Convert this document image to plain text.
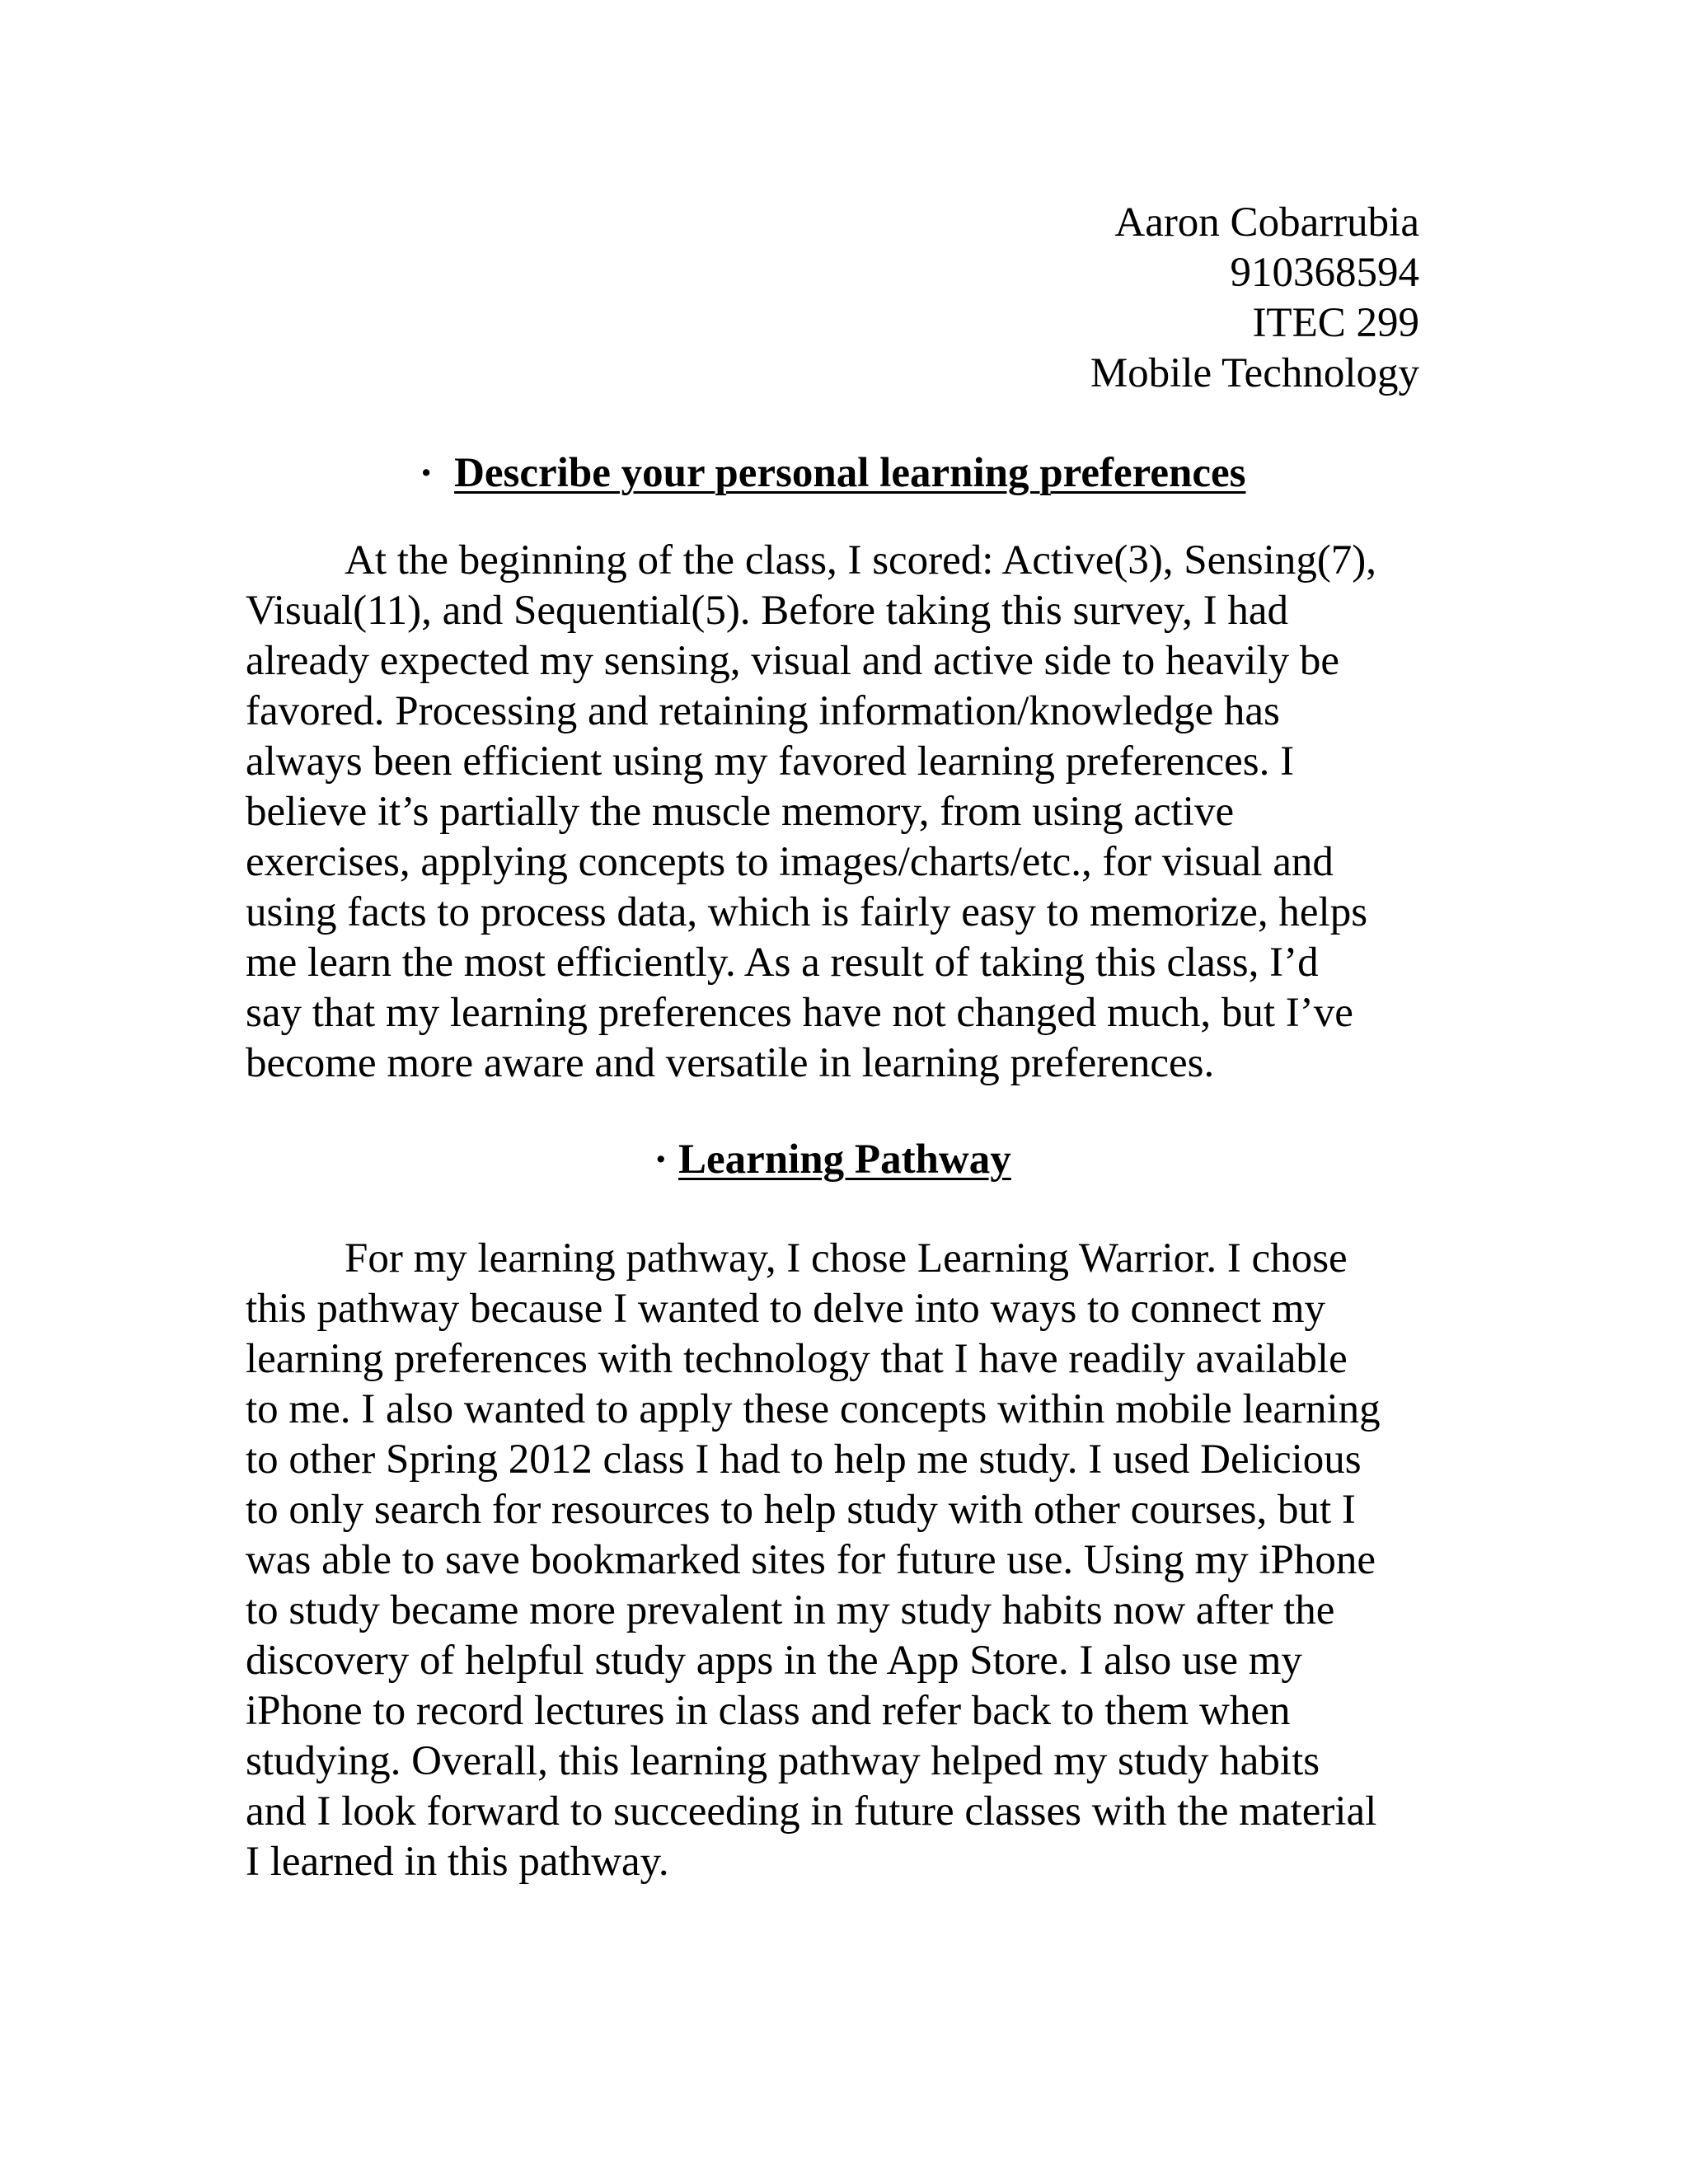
Aaron Cobarrubia
910368594
ITEC 299
Mobile Technology
· Describe your personal learning preferences
At the beginning of the class, I scored: Active(3), Sensing(7),
Visual(11), and Sequential(5). Before taking this survey, I had
already expected my sensing, visual and active side to heavily be
favored. Processing and retaining information/knowledge has
always been efficient using my favored learning preferences. I
believe it’s partially the muscle memory, from using active
exercises, applying concepts to images/charts/etc., for visual and
using facts to process data, which is fairly easy to memorize, helps
me learn the most efficiently. As a result of taking this class, I’d
say that my learning preferences have not changed much, but I’ve
become more aware and versatile in learning preferences.
· Learning Pathway
For my learning pathway, I chose Learning Warrior. I chose
this pathway because I wanted to delve into ways to connect my
learning preferences with technology that I have readily available
to me. I also wanted to apply these concepts within mobile learning
to other Spring 2012 class I had to help me study. I used Delicious
to only search for resources to help study with other courses, but I
was able to save bookmarked sites for future use. Using my iPhone
to study became more prevalent in my study habits now after the
discovery of helpful study apps in the App Store. I also use my
iPhone to record lectures in class and refer back to them when
studying. Overall, this learning pathway helped my study habits
and I look forward to succeeding in future classes with the material
I learned in this pathway.
